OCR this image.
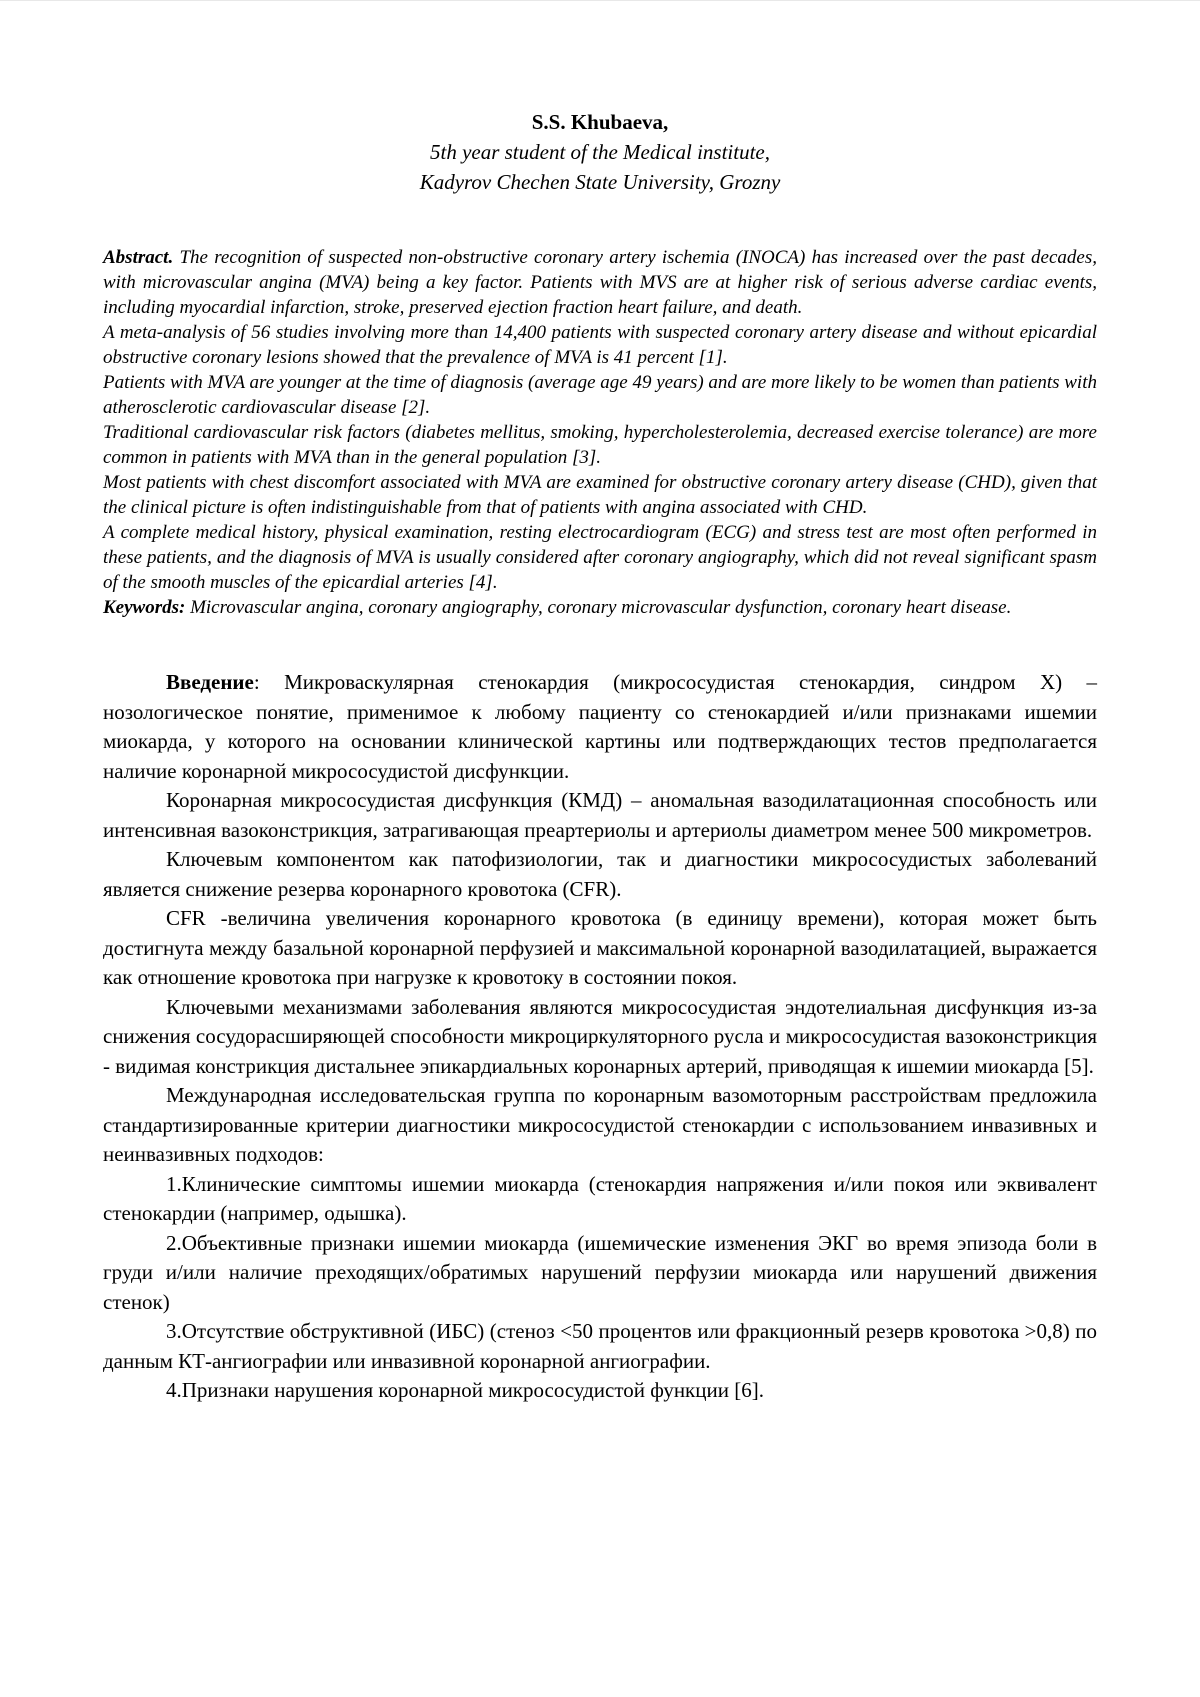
S.S. Khubaeva,
5th year student of the Medical institute,
Kadyrov Chechen State University, Grozny

Abstract. The recognition of suspected non-obstructive coronary artery ischemia (INOCA) has increased over the past decades, with microvascular angina (MVA) being a key factor. Patients with MVS are at higher risk of serious adverse cardiac events, including myocardial infarction, stroke, preserved ejection fraction heart failure, and death.

A meta-analysis of 56 studies involving more than 14,400 patients with suspected coronary artery disease and without epicardial obstructive coronary lesions showed that the prevalence of MVA is 41 percent [1].

Patients with MVA are younger at the time of diagnosis (average age 49 years) and are more likely to be women than patients with atherosclerotic cardiovascular disease [2].

Traditional cardiovascular risk factors (diabetes mellitus, smoking, hypercholesterolemia, decreased exercise tolerance) are more common in patients with MVA than in the general population [3].

Most patients with chest discomfort associated with MVA are examined for obstructive coronary artery disease (CHD), given that the clinical picture is often indistinguishable from that of patients with angina associated with CHD.

A complete medical history, physical examination, resting electrocardiogram (ECG) and stress test are most often performed in these patients, and the diagnosis of MVA is usually considered after coronary angiography, which did not reveal significant spasm of the smooth muscles of the epicardial arteries [4].

Keywords: Microvascular angina, coronary angiography, coronary microvascular dysfunction, coronary heart disease.

Введение: Микроваскулярная стенокардия (микрососудистая стенокардия, синдром X) – нозологическое понятие, применимое к любому пациенту со стенокардией и/или признаками ишемии миокарда, у которого на основании клинической картины или подтверждающих тестов предполагается наличие коронарной микрососудистой дисфункции.

Коронарная микрососудистая дисфункция (КМД) – аномальная вазодилатационная способность или интенсивная вазоконстрикция, затрагивающая преартериолы и артериолы диаметром менее 500 микрометров.

Ключевым компонентом как патофизиологии, так и диагностики микрососудистых заболеваний является снижение резерва коронарного кровотока (CFR).

CFR -величина увеличения коронарного кровотока (в единицу времени), которая может быть достигнута между базальной коронарной перфузией и максимальной коронарной вазодилатацией, выражается как отношение кровотока при нагрузке к кровотоку в состоянии покоя.

Ключевыми механизмами заболевания являются микрососудистая эндотелиальная дисфункция из-за снижения сосудорасширяющей способности микроциркуляторного русла и микрососудистая вазоконстрикция - видимая констрикция дистальнее эпикардиальных коронарных артерий, приводящая к ишемии миокарда [5].

Международная исследовательская группа по коронарным вазомоторным расстройствам предложила стандартизированные критерии диагностики микрососудистой стенокардии с использованием инвазивных и неинвазивных подходов:

1.Клинические симптомы ишемии миокарда (стенокардия напряжения и/или покоя или эквивалент стенокардии (например, одышка).

2.Объективные признаки ишемии миокарда (ишемические изменения ЭКГ во время эпизода боли в груди и/или наличие преходящих/обратимых нарушений перфузии миокарда или нарушений движения стенок)

3.Отсутствие обструктивной (ИБС) (стеноз <50 процентов или фракционный резерв кровотока >0,8) по данным КТ-ангиографии или инвазивной коронарной ангиографии.

4.Признаки нарушения коронарной микрососудистой функции [6].
